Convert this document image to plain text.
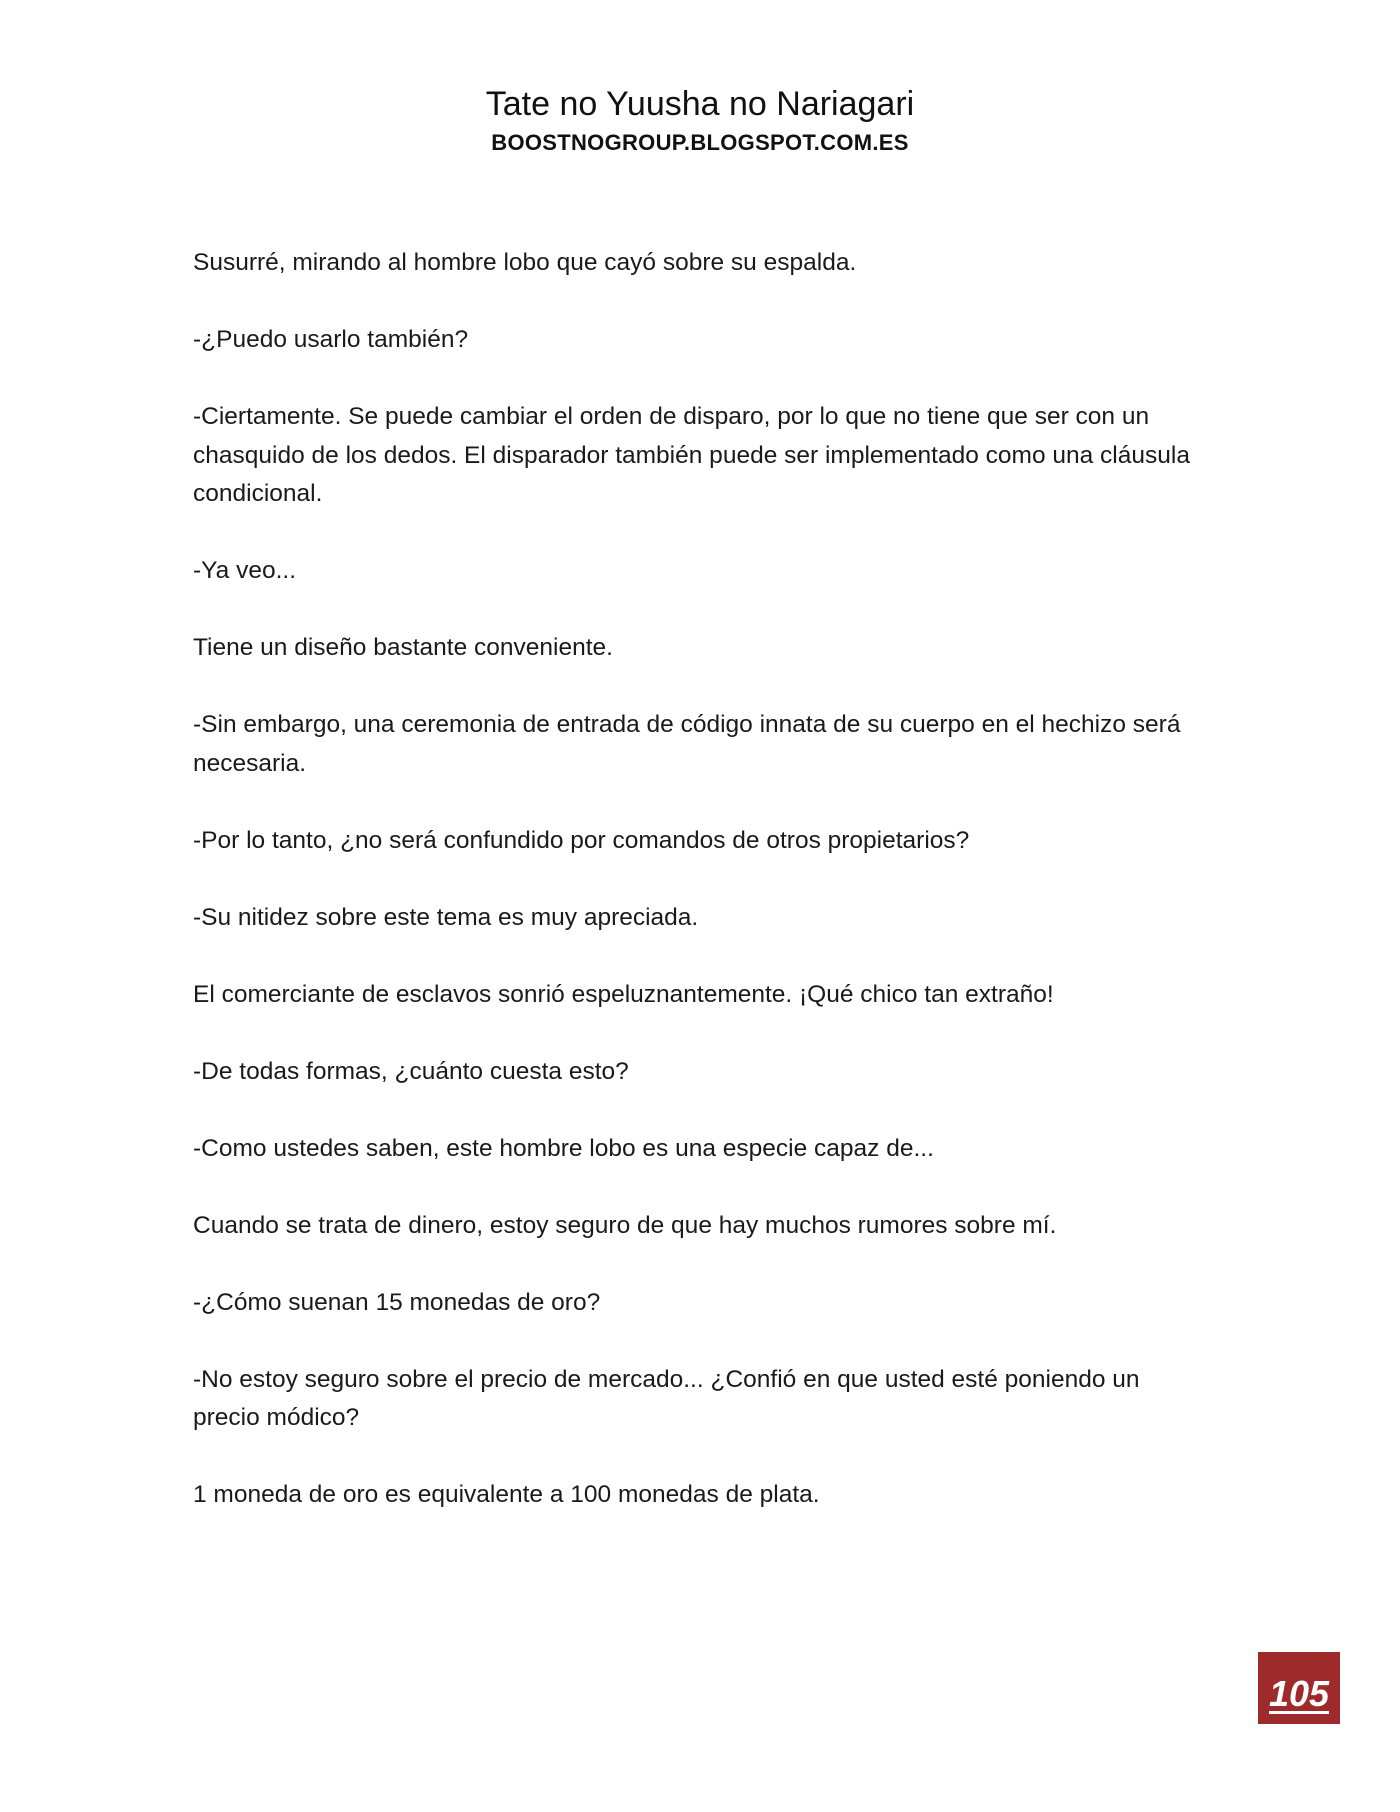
Tate no Yuusha no Nariagari
BOOSTNOGROUP.BLOGSPOT.COM.ES

Susurré, mirando al hombre lobo que cayó sobre su espalda.

-¿Puedo usarlo también?

-Ciertamente. Se puede cambiar el orden de disparo, por lo que no tiene que ser con un chasquido de los dedos. El disparador también puede ser implementado como una cláusula condicional.

-Ya veo...

Tiene un diseño bastante conveniente.

-Sin embargo, una ceremonia de entrada de código innata de su cuerpo en el hechizo será necesaria.

-Por lo tanto, ¿no será confundido por comandos de otros propietarios?

-Su nitidez sobre este tema es muy apreciada.

El comerciante de esclavos sonrió espeluznantemente. ¡Qué chico tan extraño!

-De todas formas, ¿cuánto cuesta esto?

-Como ustedes saben, este hombre lobo es una especie capaz de...

Cuando se trata de dinero, estoy seguro de que hay muchos rumores sobre mí.

-¿Cómo suenan 15 monedas de oro?

-No estoy seguro sobre el precio de mercado... ¿Confió en que usted esté poniendo un precio módico?

1 moneda de oro es equivalente a 100 monedas de plata.

105
